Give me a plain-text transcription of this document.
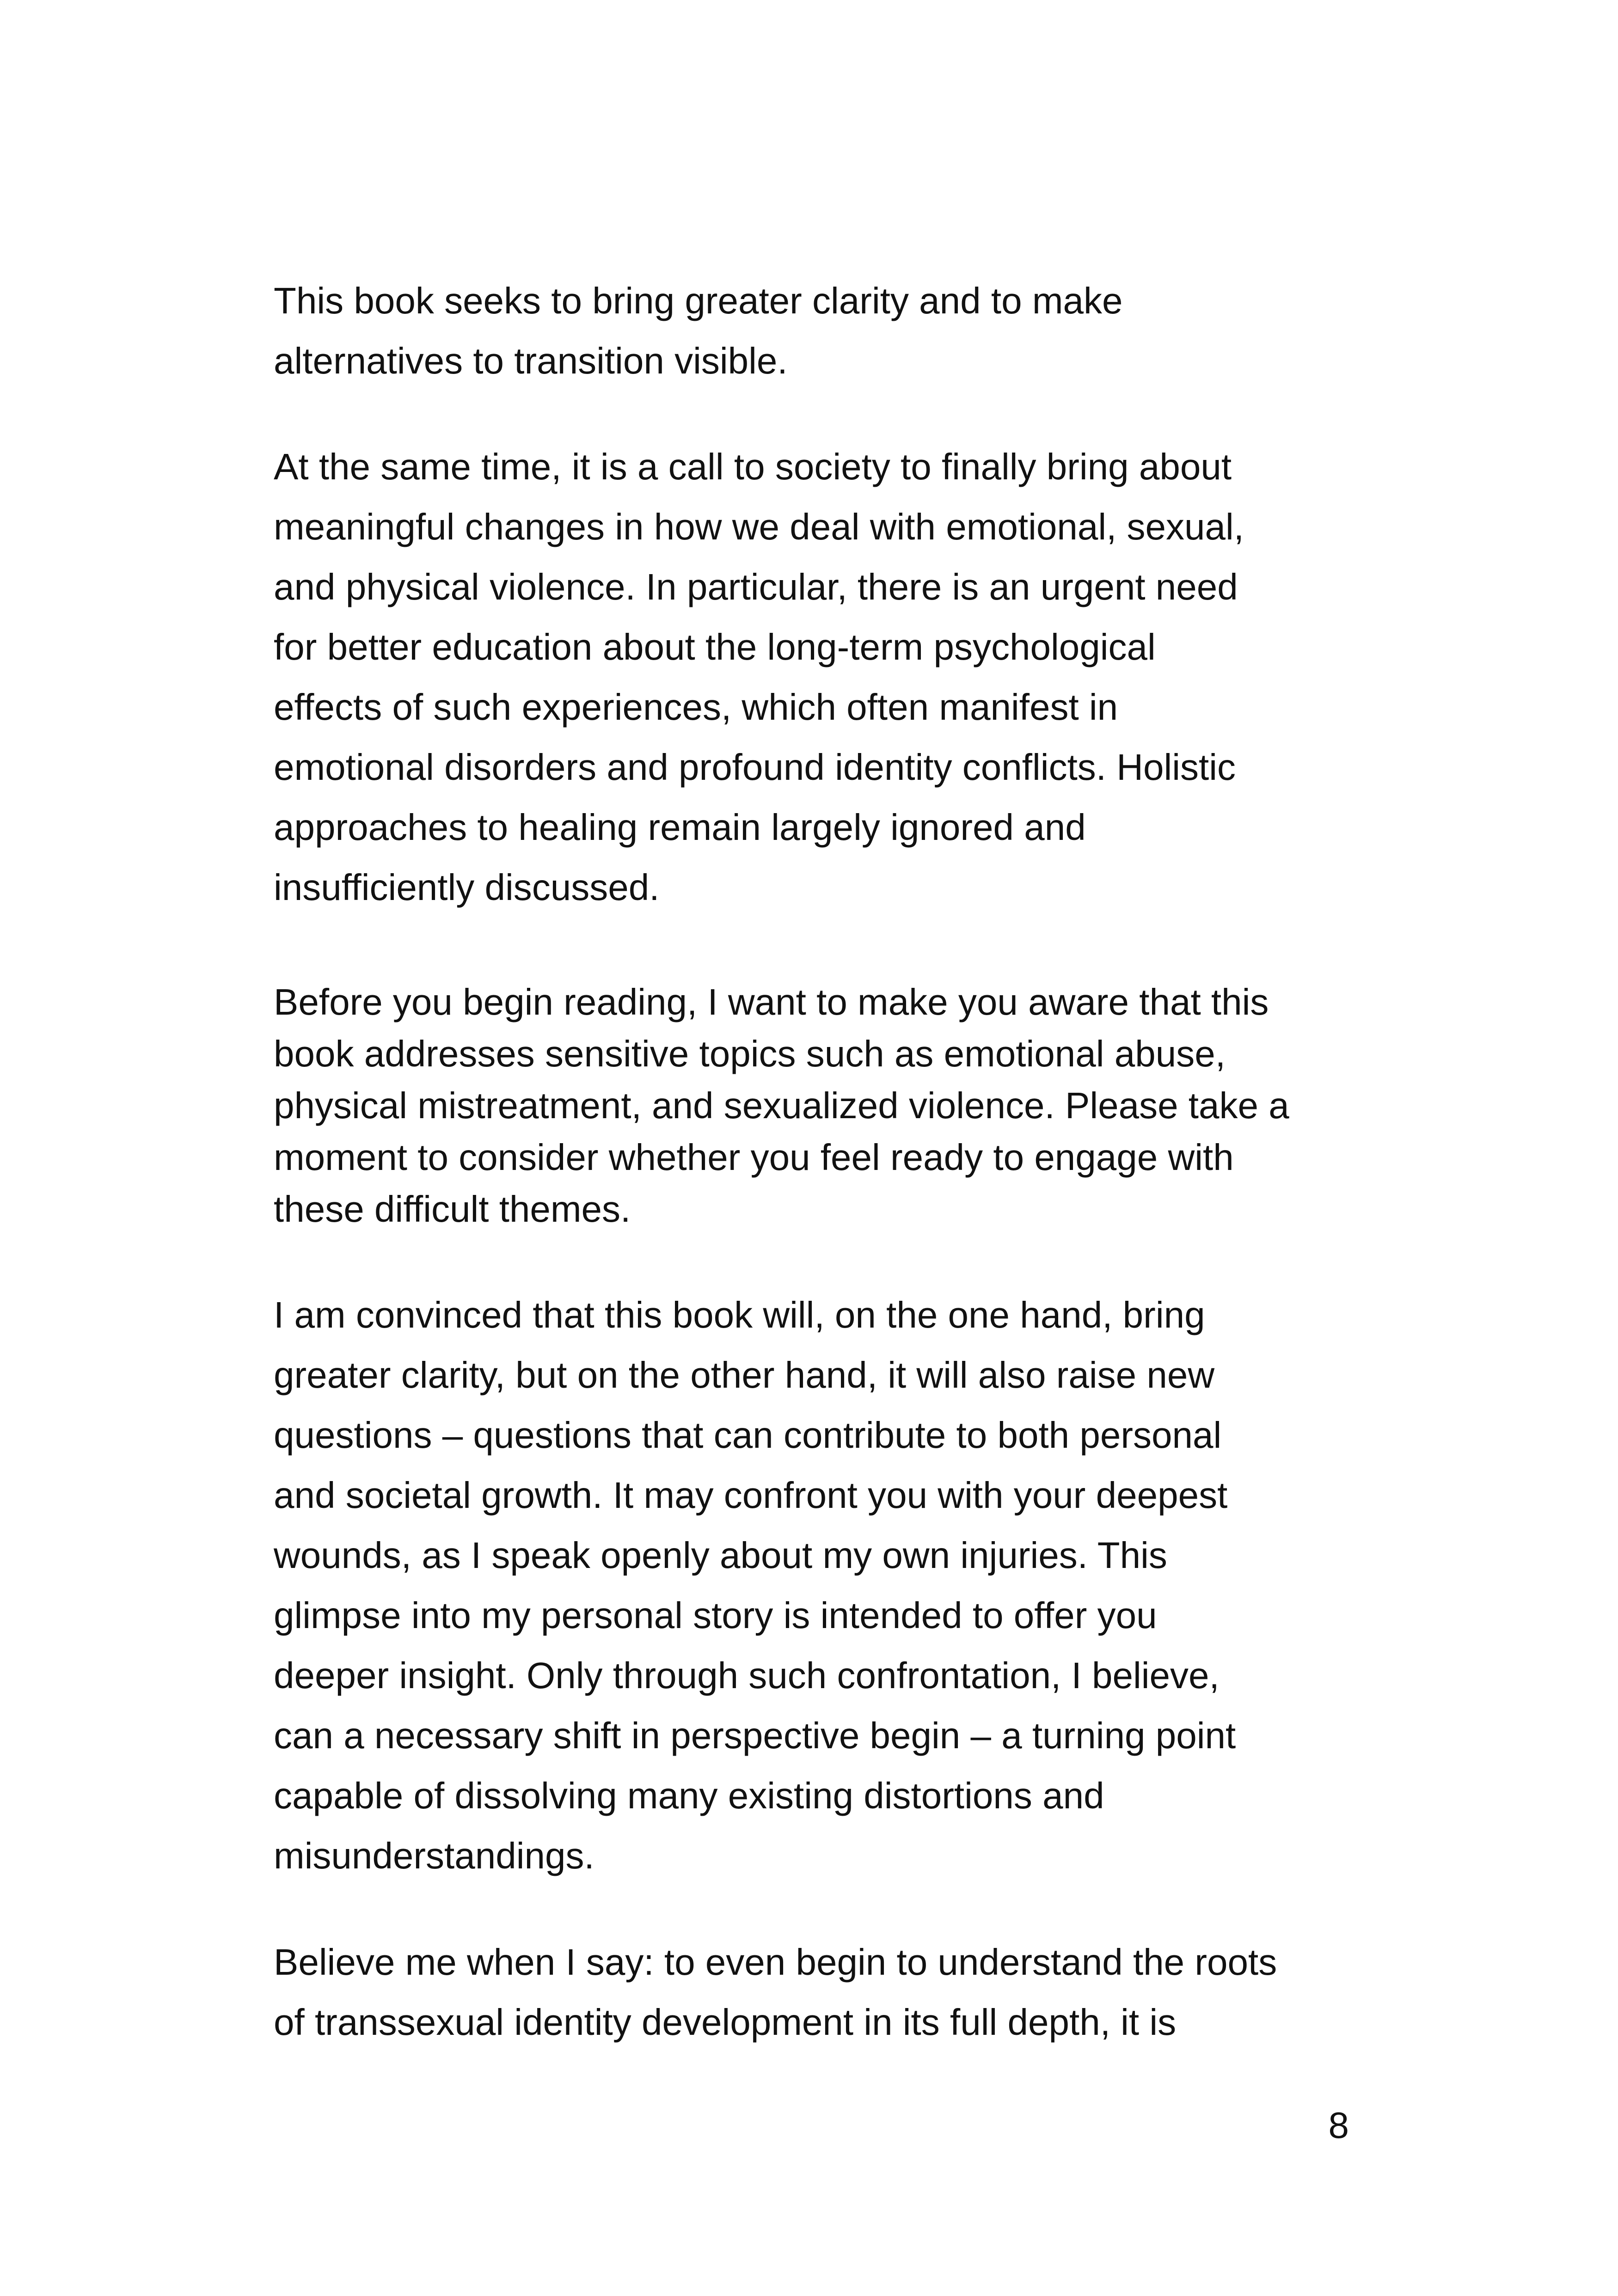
This book seeks to bring greater clarity and to make
alternatives to transition visible.

At the same time, it is a call to society to finally bring about
meaningful changes in how we deal with emotional, sexual,
and physical violence. In particular, there is an urgent need
for better education about the long-term psychological
effects of such experiences, which often manifest in
emotional disorders and profound identity conflicts. Holistic
approaches to healing remain largely ignored and
insufficiently discussed.

Before you begin reading, I want to make you aware that this
book addresses sensitive topics such as emotional abuse,
physical mistreatment, and sexualized violence. Please take a
moment to consider whether you feel ready to engage with
these difficult themes.

I am convinced that this book will, on the one hand, bring
greater clarity, but on the other hand, it will also raise new
questions – questions that can contribute to both personal
and societal growth. It may confront you with your deepest
wounds, as I speak openly about my own injuries. This
glimpse into my personal story is intended to offer you
deeper insight. Only through such confrontation, I believe,
can a necessary shift in perspective begin – a turning point
capable of dissolving many existing distortions and
misunderstandings.

Believe me when I say: to even begin to understand the roots
of transsexual identity development in its full depth, it is

8
